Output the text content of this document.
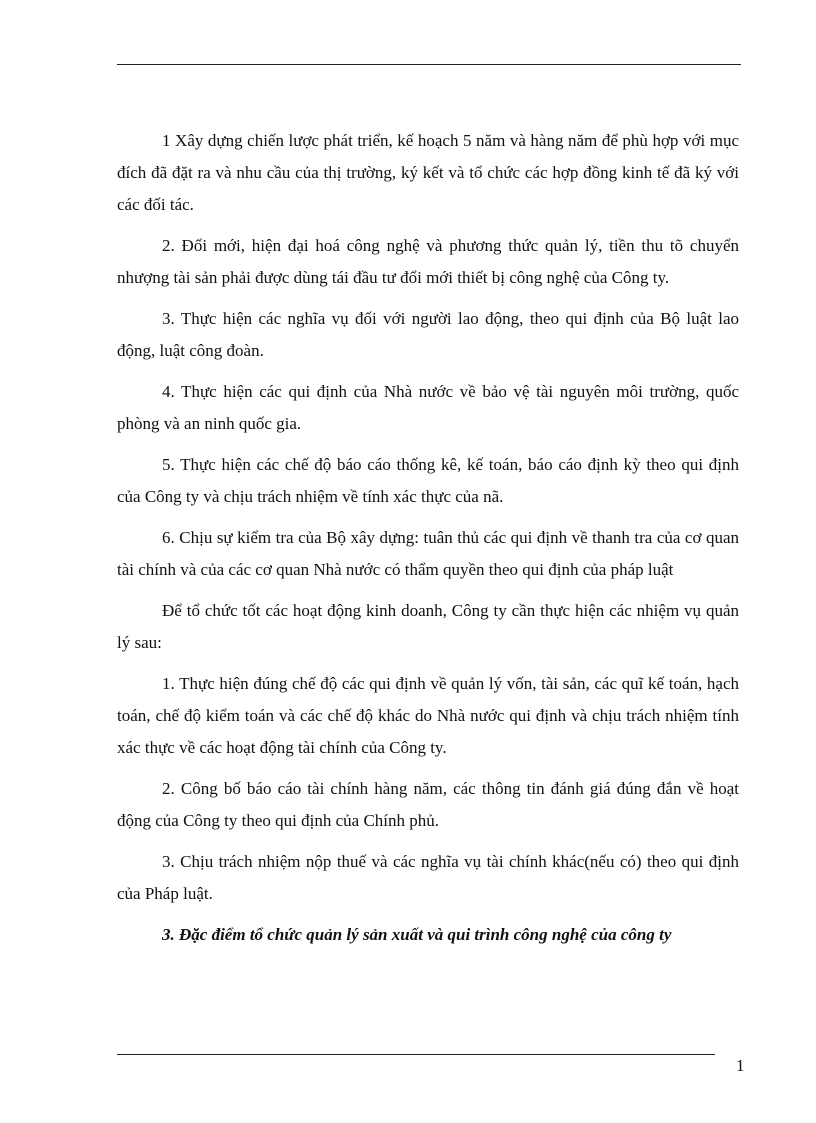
1 Xây dựng chiến lược phát triển, kế hoạch 5 năm và hàng năm để phù hợp với mục đích đã đặt ra và nhu cầu của thị trường, ký kết và tổ chức các hợp đồng kinh tế đã ký với các đối tác.

2. Đổi mới, hiện đại hoá công nghệ và phương thức quản lý, tiền thu tõ chuyển nhượng tài sản phải được dùng tái đầu tư đổi mới thiết bị công nghệ của Công ty.

3. Thực hiện các nghĩa vụ đối với người lao động, theo qui định của Bộ luật lao động, luật công đoàn.

4. Thực hiện các qui định của Nhà nước về bảo vệ tài nguyên môi trường, quốc phòng và an ninh quốc gia.

5. Thực hiện các chế độ báo cáo thống kê, kế toán, báo cáo định kỳ theo qui định của Công ty và chịu trách nhiệm về tính xác thực của nã.

6. Chịu sự kiểm tra của Bộ xây dựng: tuân thủ các qui định về thanh tra của cơ quan tài chính và của các cơ quan Nhà nước có thẩm quyền theo qui định của pháp luật

Để tổ chức tốt các hoạt động kinh doanh, Công ty cần thực hiện các nhiệm vụ quản lý sau:

1. Thực hiện đúng chế độ các qui định về quản lý vốn, tài sản, các quĩ kế toán, hạch toán, chế độ kiểm toán và các chế độ khác do Nhà nước qui định và chịu trách nhiệm tính xác thực về các hoạt động tài chính của Công ty.

2. Công bố báo cáo tài chính hàng năm, các thông tin đánh giá đúng đắn về hoạt động của Công ty theo qui định của Chính phủ.

3. Chịu trách nhiệm nộp thuế và các nghĩa vụ tài chính khác(nếu có) theo qui định của Pháp luật.

3. Đặc điểm tổ chức quản lý sản xuất và qui trình công nghệ của công ty

1
